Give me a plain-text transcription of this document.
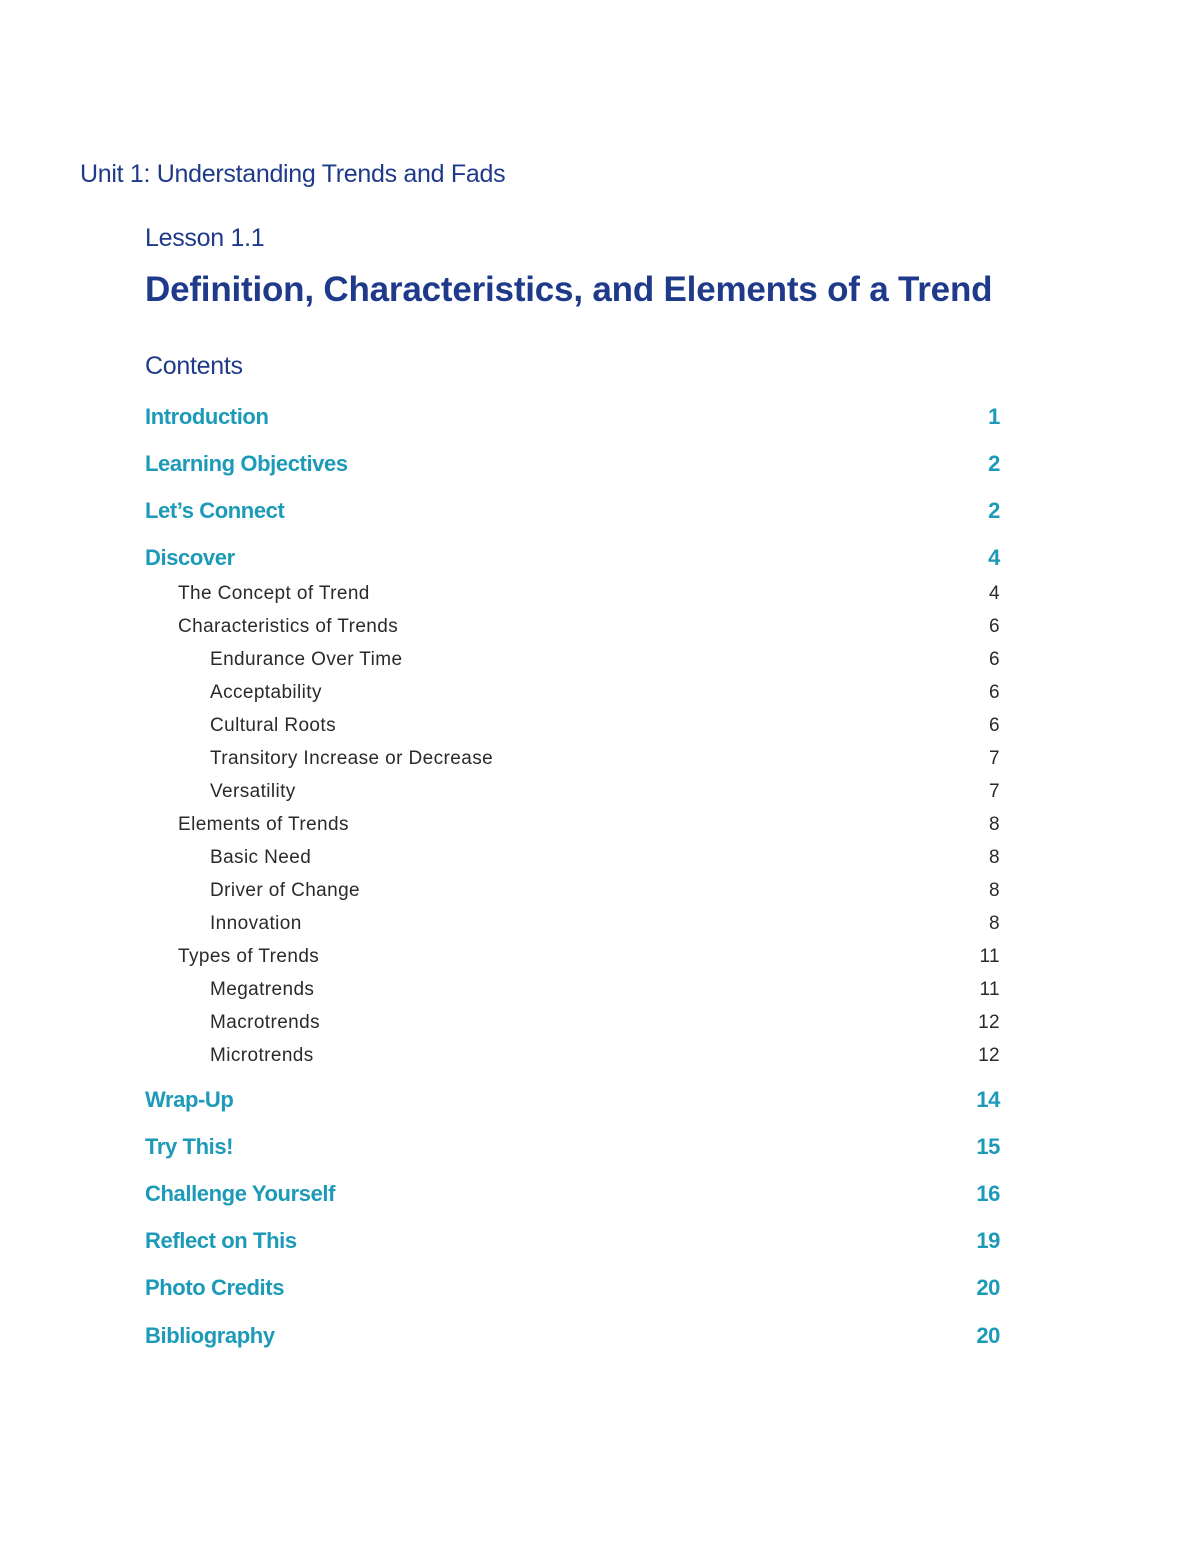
Unit 1: Understanding Trends and Fads
Lesson 1.1
Definition, Characteristics, and Elements of a Trend
Contents
Introduction	1
Learning Objectives	2
Let’s Connect	2
Discover	4
The Concept of Trend	4
Characteristics of Trends	6
Endurance Over Time	6
Acceptability	6
Cultural Roots	6
Transitory Increase or Decrease	7
Versatility	7
Elements of Trends	8
Basic Need	8
Driver of Change	8
Innovation	8
Types of Trends	11
Megatrends	11
Macrotrends	12
Microtrends	12
Wrap-Up	14
Try This!	15
Challenge Yourself	16
Reflect on This	19
Photo Credits	20
Bibliography	20
